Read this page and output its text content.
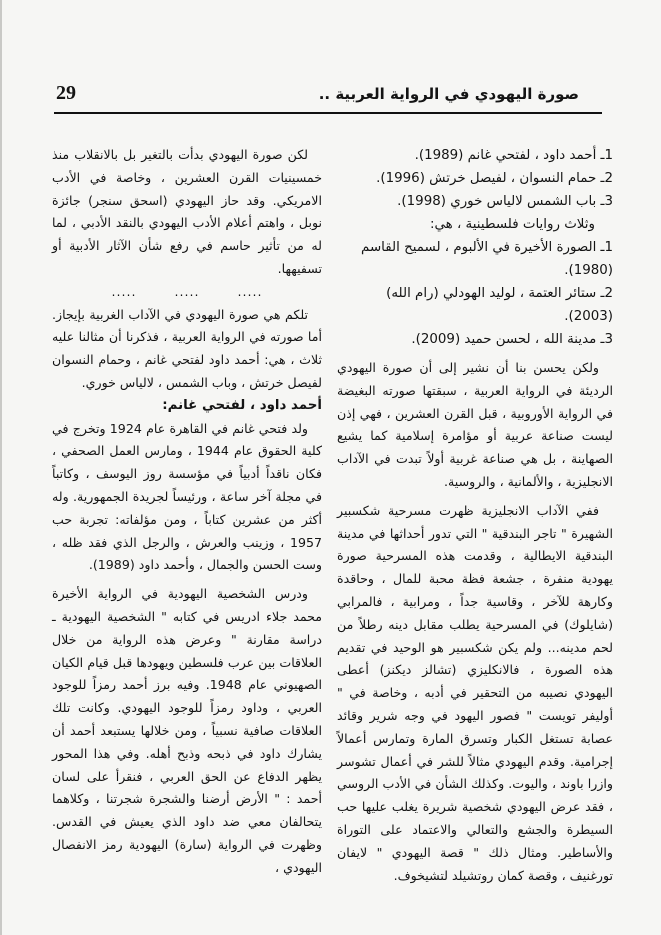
29	صورة اليهودي في الرواية العربية ..
1ـ أحمد داود ، لفتحي غانم (1989).
2ـ حمام النسوان ، لفيصل خرتش (1996).
3ـ باب الشمس لالياس خوري (1998).
وثلاث روايات فلسطينية ، هي:
1ـ الصورة الأخيرة في الألبوم ، لسميح القاسم (1980).
2ـ ستائر العتمة ، لوليد الهودلي (رام الله) (2003).
3ـ مدينة الله ، لحسن حميد (2009).

ولكن يحسن بنا أن نشير إلى أن صورة اليهودي الرديئة في الرواية العربية ، سبقتها صورته البغيضة في الرواية الأوروبية ، قبل القرن العشرين ، فهي إذن ليست صناعة عربية أو مؤامرة إسلامية كما يشيع الصهاينة ، بل هي صناعة غربية أولاً تبدت في الآداب الانجليزية ، والألمانية ، والروسية.

ففي الآداب الانجليزية ظهرت مسرحية شكسبير الشهيرة " تاجر البندقية " التي تدور أحداثها في مدينة البندقية الايطالية ، وقدمت هذه المسرحية صورة يهودية منفرة ، جشعة فظة محبة للمال ، وحاقدة وكارهة للآخر ، وقاسية جداً ، ومرابية ، فالمرابي (شايلوك) في المسرحية يطلب مقابل دينه رطلاً من لحم مدينه... ولم يكن شكسبير هو الوحيد في تقديم هذه الصورة ، فالانكليزي (تشالز ديكنز) أعطى اليهودي نصيبه من التحقير في أدبه ، وخاصة في " أوليفر تويست " فصور اليهود في وجه شرير وقائد عصابة تستغل الكبار وتسرق المارة وتمارس أعمالاً إجرامية. وقدم اليهودي مثالاً للشر في أعمال تشوسر وازرا باوند ، واليوت. وكذلك الشأن في الأدب الروسي ، فقد عرض اليهودي شخصية شريرة يغلب عليها حب السيطرة والجشع والتعالي والاعتماد على التوراة والأساطير. ومثال ذلك " قصة اليهودي " لايفان تورغنيف ، وقصة كمان روتشيلد لتشيخوف.

لكن صورة اليهودي بدأت بالتغير بل بالانقلاب منذ خمسينيات القرن العشرين ، وخاصة في الأدب الامريكي. وقد حاز اليهودي (اسحق سنجر) جائزة نوبل ، واهتم أعلام الأدب اليهودي بالنقد الأدبي ، لما له من تأثير حاسم في رفع شأن الآثار الأدبية أو تسفيهها.

..... ..... .....

تلكم هي صورة اليهودي في الآداب الغربية بإيجاز. أما صورته في الرواية العربية ، فذكرنا أن مثالنا عليه ثلاث ، هي: أحمد داود لفتحي غانم ، وحمام النسوان لفيصل خرتش ، وباب الشمس ، لالياس خوري.

أحمد داود ، لفتحي غانم:

ولد فتحي غانم في القاهرة عام 1924 وتخرج في كلية الحقوق عام 1944 ، ومارس العمل الصحفي ، فكان ناقداً أدبياً في مؤسسة روز اليوسف ، وكاتباً في مجلة آخر ساعة ، ورئيساً لجريدة الجمهورية. وله أكثر من عشرين كتاباً ، ومن مؤلفاته: تجربة حب 1957 ، وزينب والعرش ، والرجل الذي فقد ظله ، وست الحسن والجمال ، وأحمد داود (1989).

ودرس الشخصية اليهودية في الرواية الأخيرة محمد جلاء ادريس في كتابه " الشخصية اليهودية ـ دراسة مقارنة " وعرض هذه الرواية من خلال العلاقات بين عرب فلسطين ويهودها قبل قيام الكيان الصهيوني عام 1948. وفيه برز أحمد رمزاً للوجود العربي ، وداود رمزاً للوجود اليهودي. وكانت تلك العلاقات صافية نسبياً ، ومن خلالها يستبعد أحمد أن يشارك داود في ذبحه وذبح أهله. وفي هذا المحور يظهر الدفاع عن الحق العربي ، فنقرأ على لسان أحمد : " الأرض أرضنا والشجرة شجرتنا ، وكلاهما يتحالفان معي ضد داود الذي يعيش في القدس. وظهرت في الرواية (سارة) اليهودية رمز الانفصال اليهودي ،
